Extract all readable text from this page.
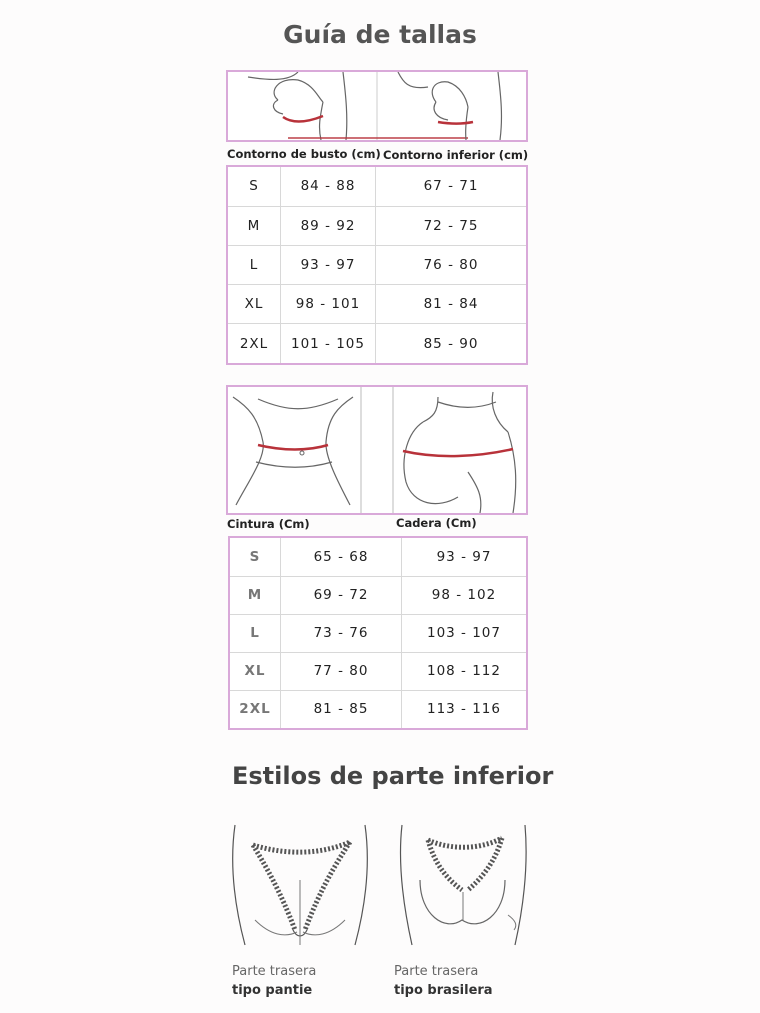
Guía de tallas
Contorno de busto (cm) Contorno inferior (cm)
S	84 - 88	67 - 71
M	89 - 92	72 - 75
L	93 - 97	76 - 80
XL	98 - 101	81 - 84
2XL	101 - 105	85 - 90
Cintura (Cm)	Cadera (Cm)
S	65 - 68	93 - 97
M	69 - 72	98 - 102
L	73 - 76	103 - 107
XL	77 - 80	108 - 112
2XL	81 - 85	113 - 116
Estilos de parte inferior
Parte trasera
tipo pantie
Parte trasera
tipo brasilera
